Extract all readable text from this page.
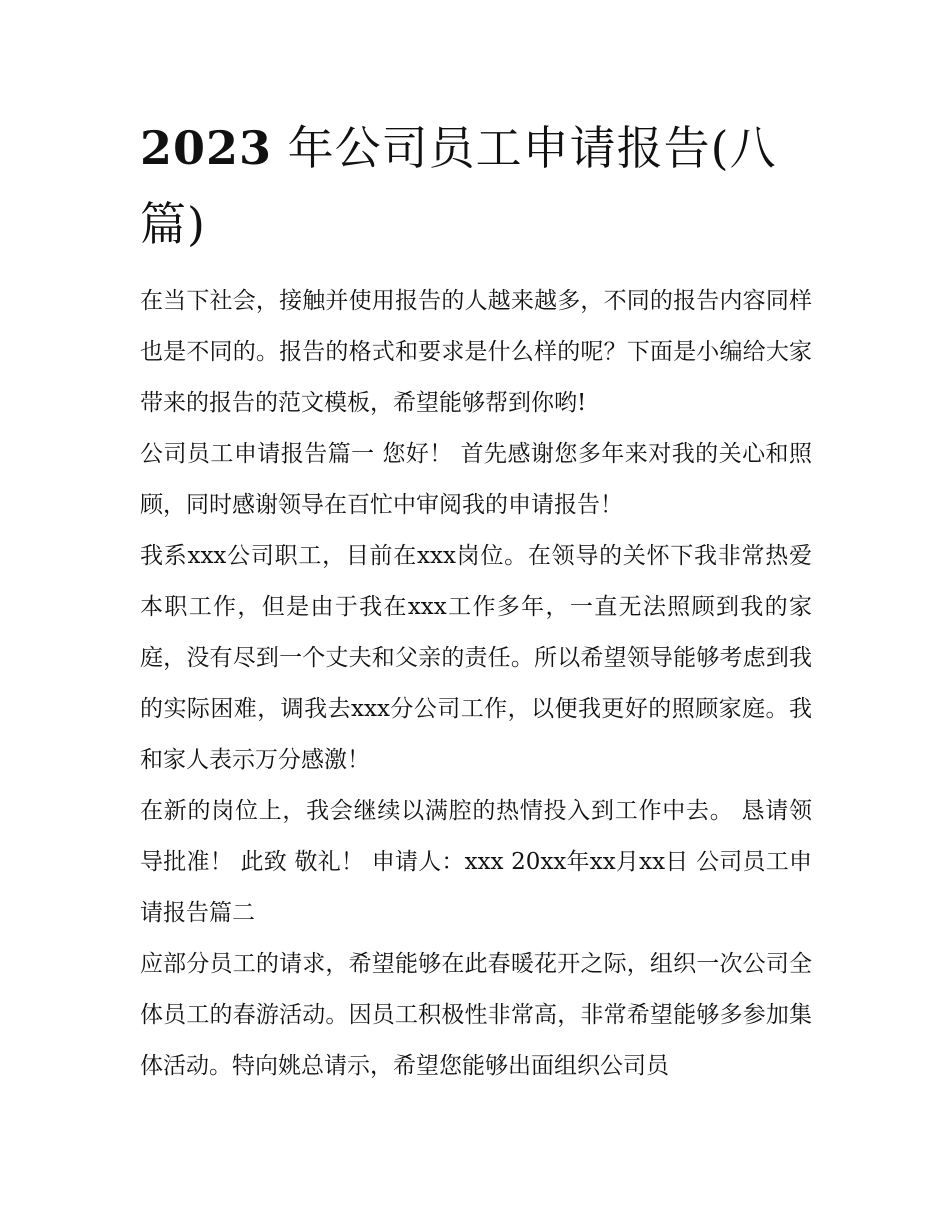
2023 年公司员工申请报告(八篇)

在当下社会，接触并使用报告的人越来越多，不同的报告内容同样也是不同的。报告的格式和要求是什么样的呢？下面是小编给大家带来的报告的范文模板，希望能够帮到你哟!

公司员工申请报告篇一 您好！ 首先感谢您多年来对我的关心和照顾，同时感谢领导在百忙中审阅我的申请报告！

我系xxx公司职工，目前在xxx岗位。在领导的关怀下我非常热爱本职工作，但是由于我在xxx工作多年，一直无法照顾到我的家庭，没有尽到一个丈夫和父亲的责任。所以希望领导能够考虑到我的实际困难，调我去xxx分公司工作，以便我更好的照顾家庭。我和家人表示万分感激！

在新的岗位上，我会继续以满腔的热情投入到工作中去。 恳请领导批准！ 此致 敬礼！ 申请人：xxx 20xx年xx月xx日 公司员工申请报告篇二

应部分员工的请求，希望能够在此春暖花开之际，组织一次公司全体员工的春游活动。因员工积极性非常高，非常希望能够多参加集体活动。特向姚总请示，希望您能够出面组织公司员
